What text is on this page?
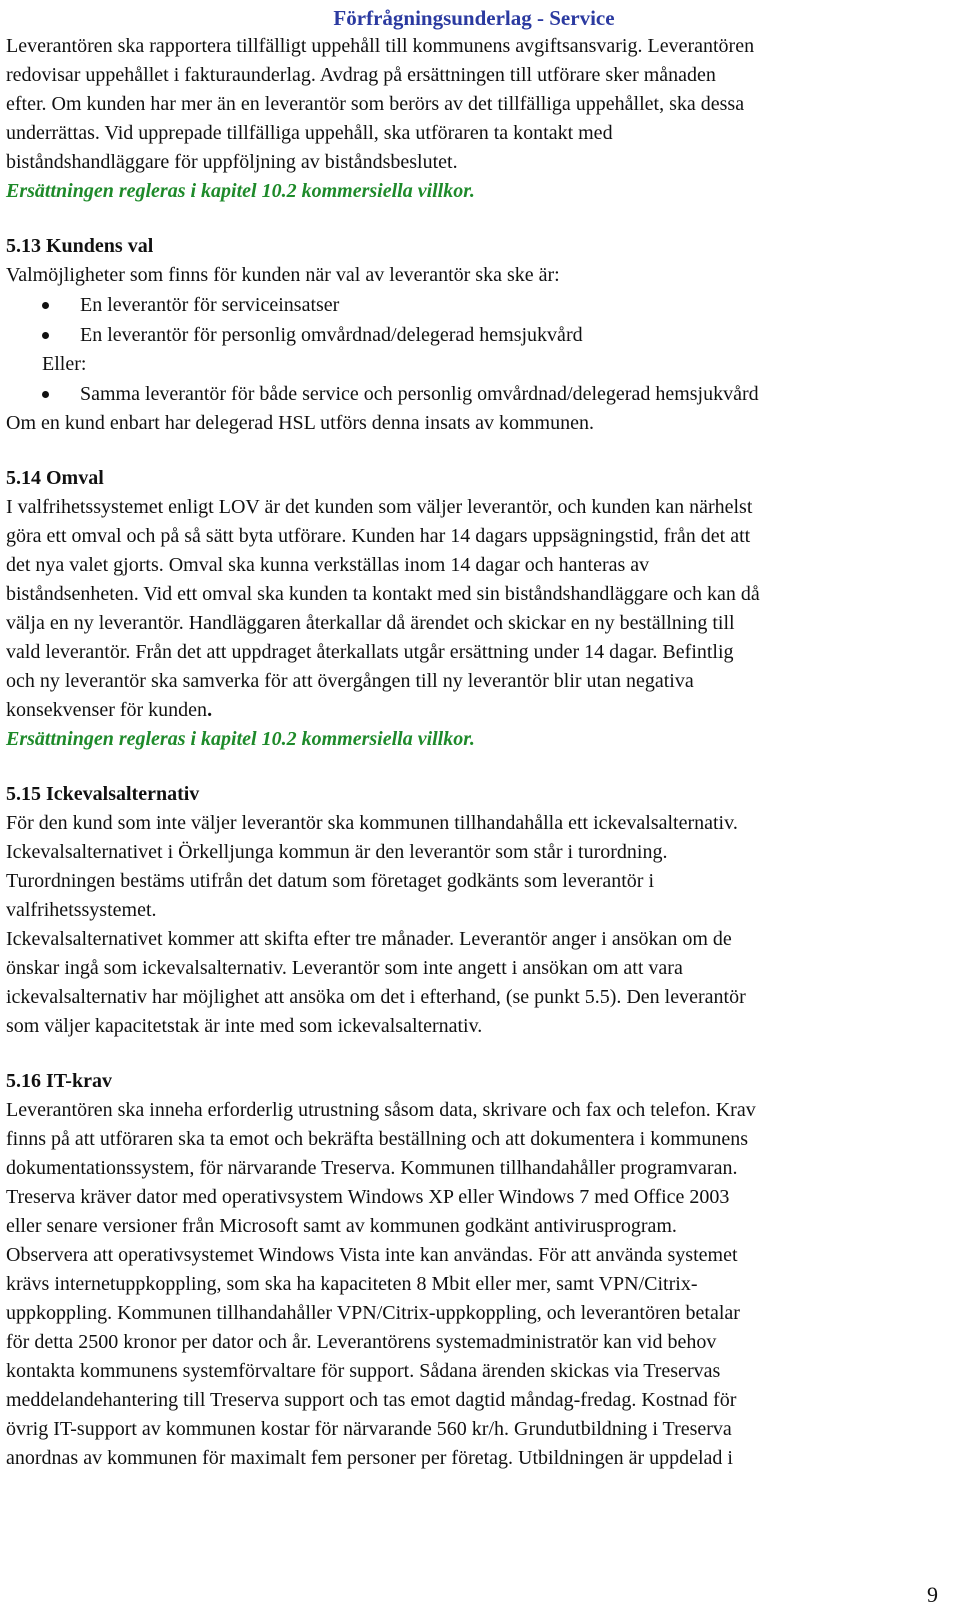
Förfrågningsunderlag - Service

Leverantören ska rapportera tillfälligt uppehåll till kommunens avgiftsansvarig. Leverantören

redovisar uppehållet i fakturaunderlag. Avdrag på ersättningen till utförare sker månaden

efter. Om kunden har mer än en leverantör som berörs av det tillfälliga uppehållet, ska dessa

underrättas. Vid upprepade tillfälliga uppehåll, ska utföraren ta kontakt med

biståndshandläggare för uppföljning av biståndsbeslutet.

Ersättningen regleras i kapitel 10.2 kommersiella villkor.

5.13 Kundens val

Valmöjligheter som finns för kunden när val av leverantör ska ske är:

En leverantör för serviceinsatser
En leverantör för personlig omvårdnad/delegerad hemsjukvård

Eller:

Samma leverantör för både service och personlig omvårdnad/delegerad hemsjukvård

Om en kund enbart har delegerad HSL utförs denna insats av kommunen.

5.14 Omval

I valfrihetssystemet enligt LOV är det kunden som väljer leverantör, och kunden kan närhelst

göra ett omval och på så sätt byta utförare. Kunden har 14 dagars uppsägningstid, från det att

det nya valet gjorts. Omval ska kunna verkställas inom 14 dagar och hanteras av

biståndsenheten. Vid ett omval ska kunden ta kontakt med sin biståndshandläggare och kan då

välja en ny leverantör. Handläggaren återkallar då ärendet och skickar en ny beställning till

vald leverantör. Från det att uppdraget återkallats utgår ersättning under 14 dagar. Befintlig

och ny leverantör ska samverka för att övergången till ny leverantör blir utan negativa

konsekvenser för kunden.

Ersättningen regleras i kapitel 10.2 kommersiella villkor.

5.15 Ickevalsalternativ

För den kund som inte väljer leverantör ska kommunen tillhandahålla ett ickevalsalternativ.

Ickevalsalternativet i Örkelljunga kommun är den leverantör som står i turordning.

Turordningen bestäms utifrån det datum som företaget godkänts som leverantör i

valfrihetssystemet.

Ickevalsalternativet kommer att skifta efter tre månader. Leverantör anger i ansökan om de

önskar ingå som ickevalsalternativ. Leverantör som inte angett i ansökan om att vara

ickevalsalternativ har möjlighet att ansöka om det i efterhand, (se punkt 5.5). Den leverantör

som väljer kapacitetstak är inte med som ickevalsalternativ.

5.16 IT-krav

Leverantören ska inneha erforderlig utrustning såsom data, skrivare och fax och telefon. Krav

finns på att utföraren ska ta emot och bekräfta beställning och att dokumentera i kommunens

dokumentationssystem, för närvarande Treserva. Kommunen tillhandahåller programvaran.

Treserva kräver dator med operativsystem Windows XP eller Windows 7 med Office 2003

eller senare versioner från Microsoft samt av kommunen godkänt antivirusprogram.

Observera att operativsystemet Windows Vista inte kan användas. För att använda systemet

krävs internetuppkoppling, som ska ha kapaciteten 8 Mbit eller mer, samt VPN/Citrix-

uppkoppling. Kommunen tillhandahåller VPN/Citrix-uppkoppling, och leverantören betalar

för detta 2500 kronor per dator och år. Leverantörens systemadministratör kan vid behov

kontakta kommunens systemförvaltare för support. Sådana ärenden skickas via Treservas

meddelandehantering till Treserva support och tas emot dagtid måndag-fredag. Kostnad för

övrig IT-support av kommunen kostar för närvarande 560 kr/h. Grundutbildning i Treserva

anordnas av kommunen för maximalt fem personer per företag. Utbildningen är uppdelad i

9
